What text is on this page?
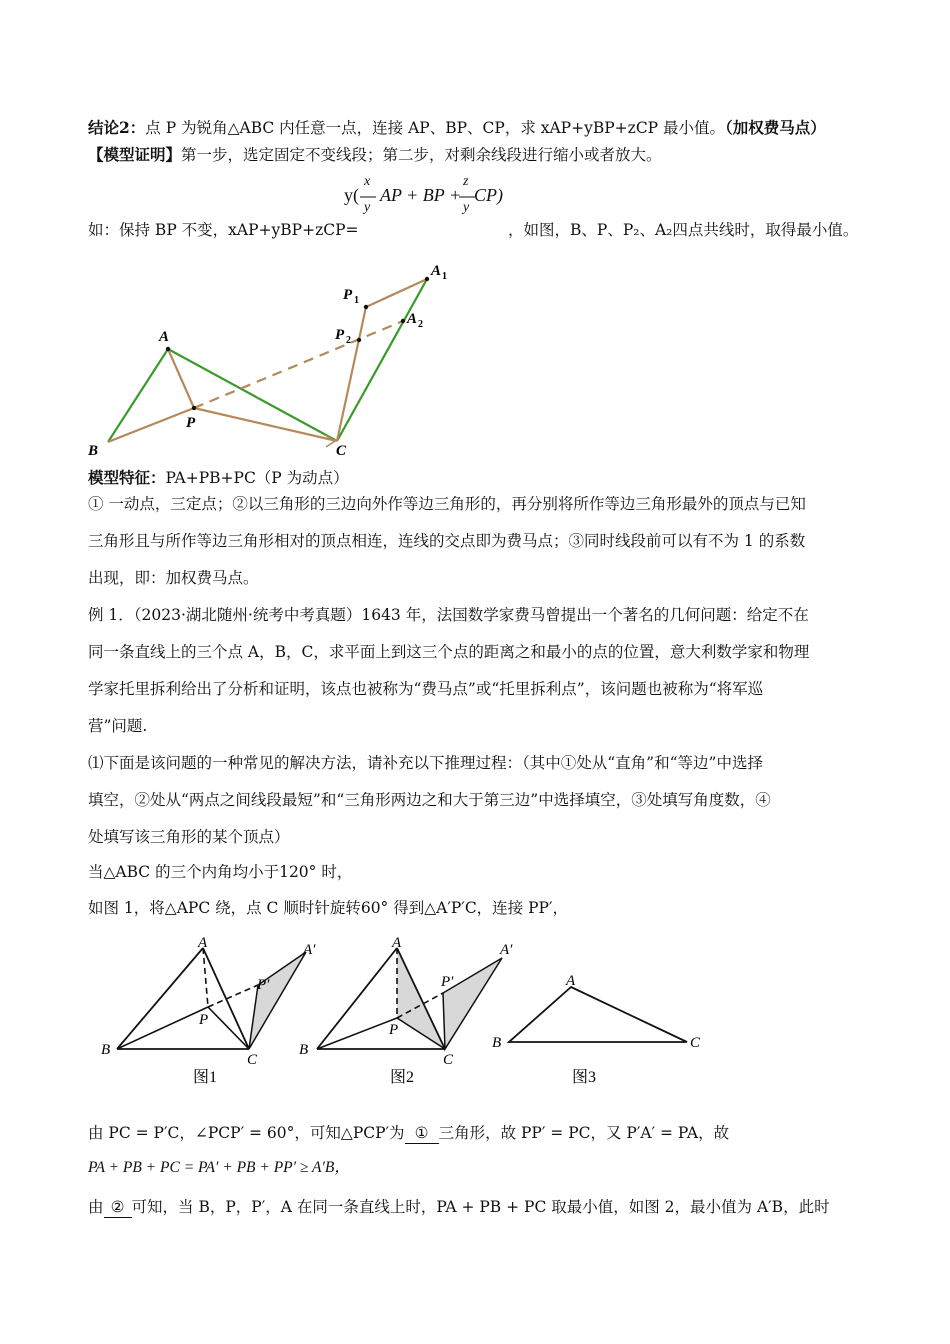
结论2：点 P 为锐角△ABC 内任意一点，连接 AP、BP、CP，求 xAP+yBP+zCP 最小值。（加权费马点）
【模型证明】第一步，选定固定不变线段；第二步，对剩余线段进行缩小或者放大。
y(
x
y
AP + BP +
z
y
CP)
如：保持 BP 不变，xAP+yBP+zCP=	，如图，B、P、P₂、A₂四点共线时，取得最小值。
A
B	C
P
P 1
P 2
A 1
A 2
模型特征：PA+PB+PC（P 为动点）
① 一动点，三定点；②以三角形的三边向外作等边三角形的，再分别将所作等边三角形最外的顶点与已知
三角形且与所作等边三角形相对的顶点相连，连线的交点即为费马点；③同时线段前可以有不为 1 的系数
出现，即：加权费马点。
例 1．（2023·湖北随州·统考中考真题）1643 年，法国数学家费马曾提出一个著名的几何问题：给定不在
同一条直线上的三个点 A，B，C，求平面上到这三个点的距离之和最小的点的位置，意大利数学家和物理
学家托里拆利给出了分析和证明，该点也被称为“费马点”或“托里拆利点”，该问题也被称为“将军巡
营”问题.
⑴下面是该问题的一种常见的解决方法，请补充以下推理过程：（其中①处从“直角”和“等边”中选择
填空，②处从“两点之间线段最短”和“三角形两边之和大于第三边”中选择填空，③处填写角度数，④
处填写该三角形的某个顶点）
当△ABC 的三个内角均小于120° 时，
如图 1，将△APC 绕，点 C 顺时针旋转60° 得到△A′P′C，连接 PP′，
A
B
C
P
P′
A′
图1
A
B
C
P
P′
A′
图2
A
B	C
图3
由 PC = P′C，∠PCP′ = 60°，可知△PCP′为 ① 三角形，故 PP′ = PC，又 P′A′ = PA，故
PA + PB + PC = PA′ + PB + PP′ ≥ A′B，
由 ② 可知，当 B，P，P′，A 在同一条直线上时，PA + PB + PC 取最小值，如图 2，最小值为 A′B，此时
